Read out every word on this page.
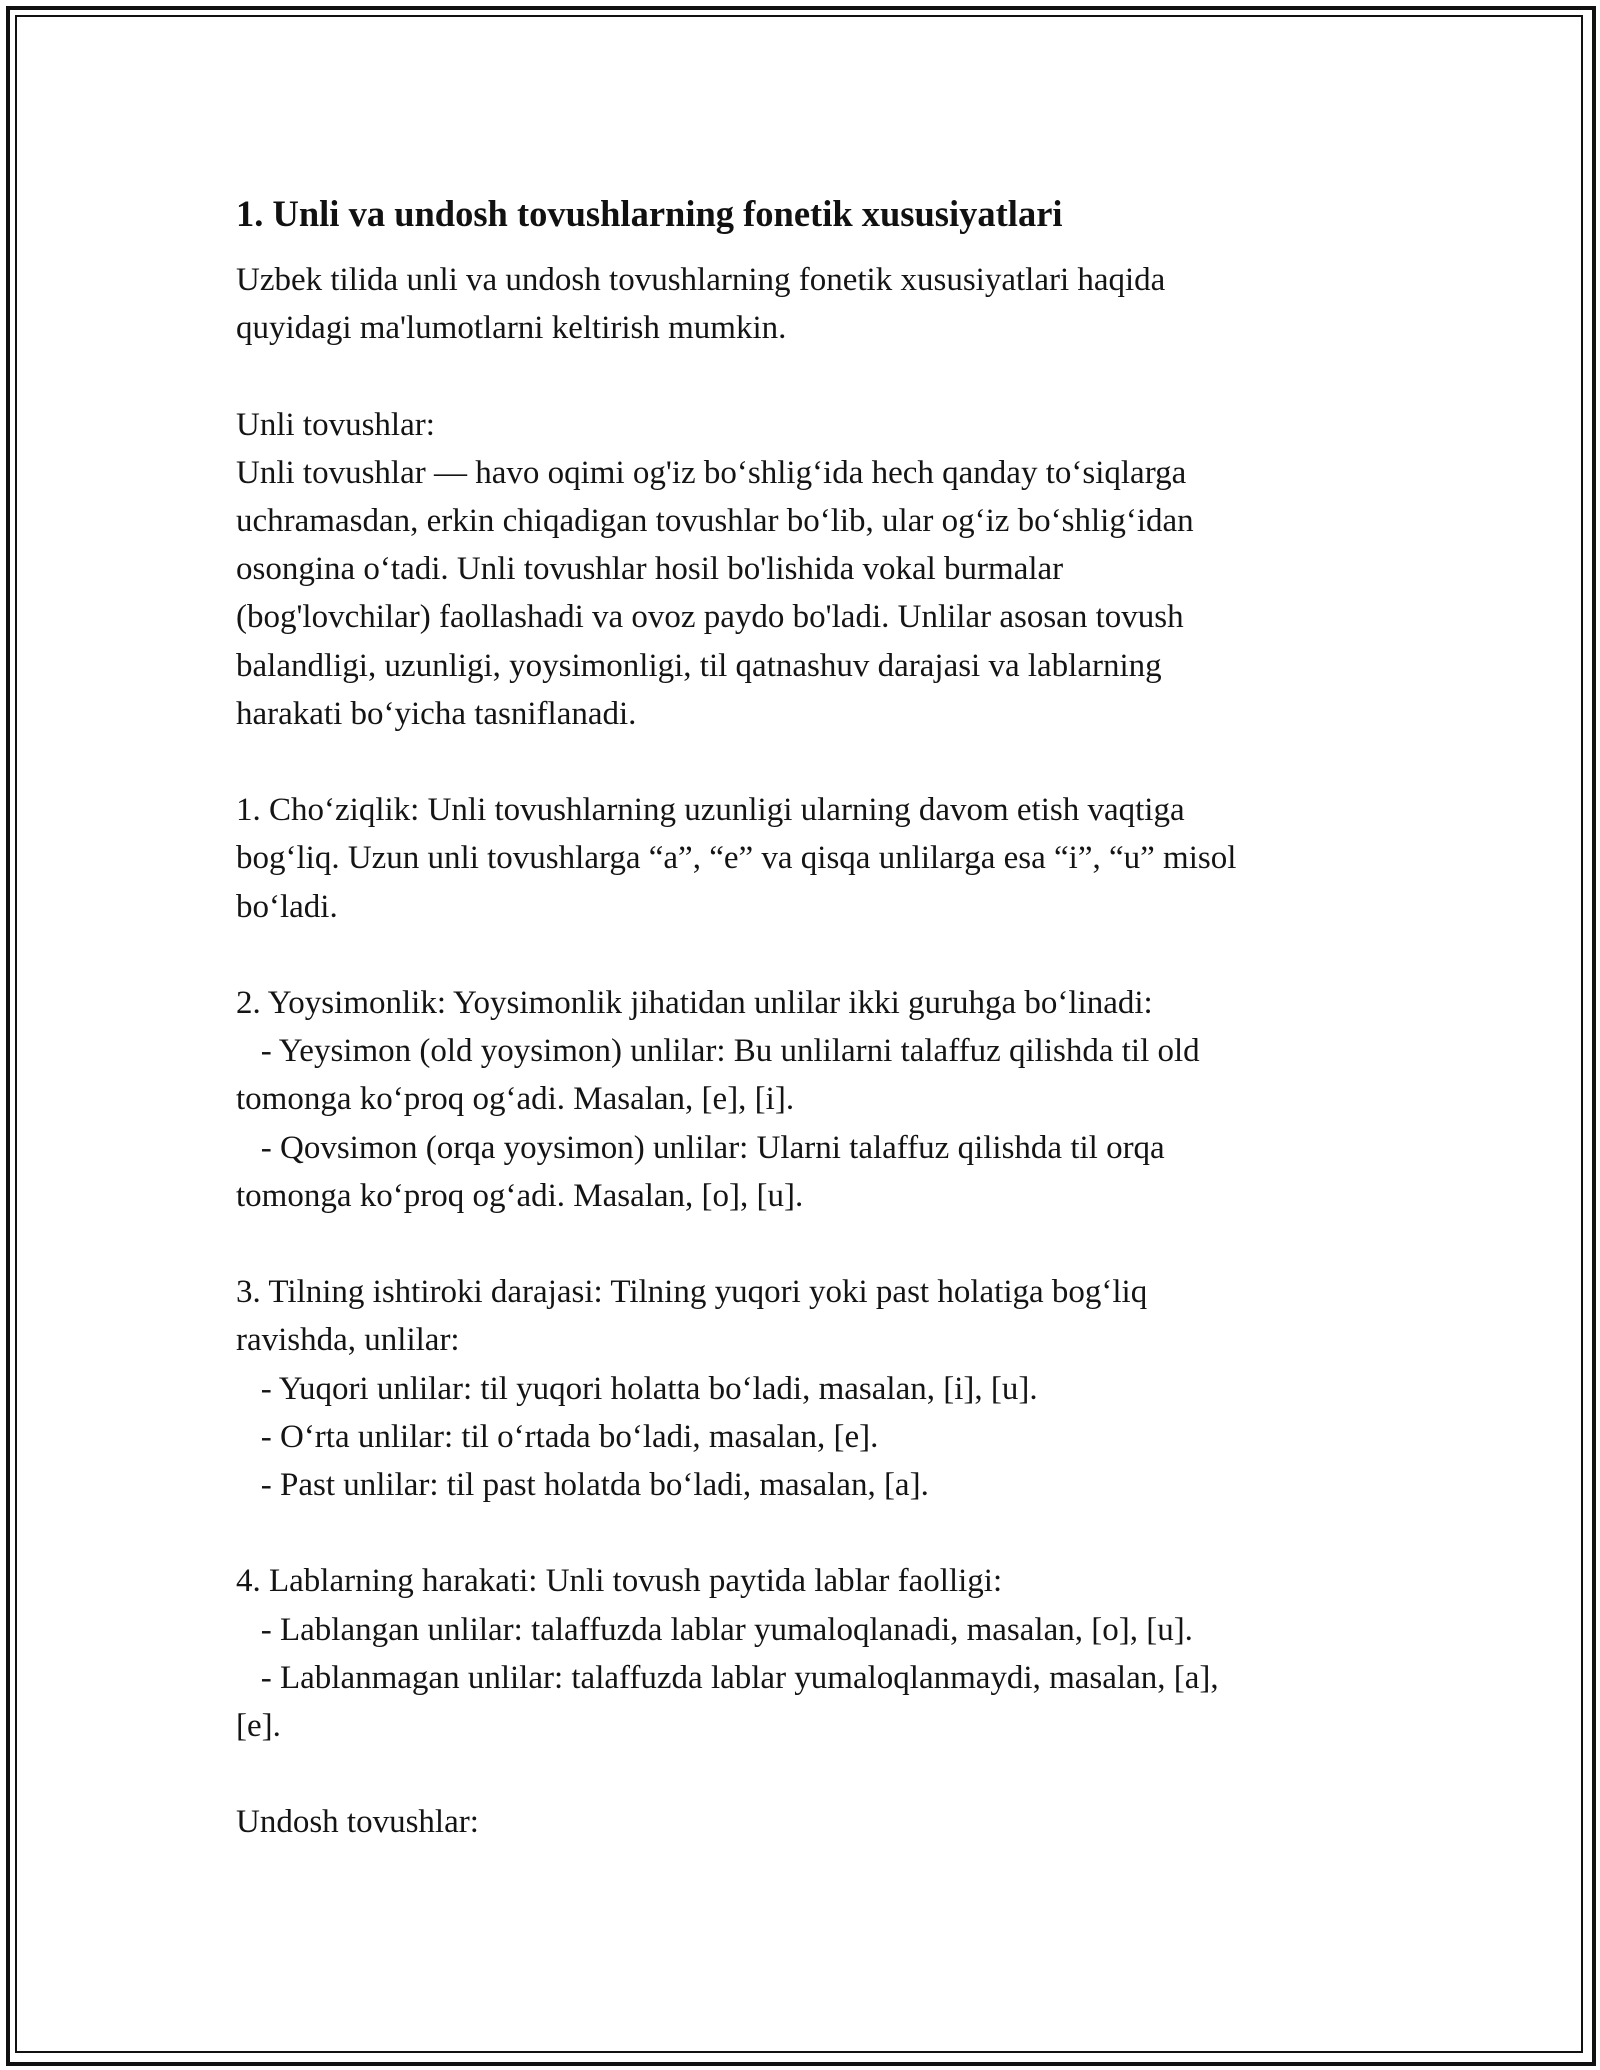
1. Unli va undosh tovushlarning fonetik xususiyatlari
Uzbek tilida unli va undosh tovushlarning fonetik xususiyatlari haqida
quyidagi ma'lumotlarni keltirish mumkin.
Unli tovushlar:
Unli tovushlar — havo oqimi og'iz bo‘shlig‘ida hech qanday to‘siqlarga
uchramasdan, erkin chiqadigan tovushlar bo‘lib, ular og‘iz bo‘shlig‘idan
osongina o‘tadi. Unli tovushlar hosil bo'lishida vokal burmalar
(bog'lovchilar) faollashadi va ovoz paydo bo'ladi. Unlilar asosan tovush
balandligi, uzunligi, yoysimonligi, til qatnashuv darajasi va lablarning
harakati bo‘yicha tasniflanadi.
1. Cho‘ziqlik: Unli tovushlarning uzunligi ularning davom etish vaqtiga
bog‘liq. Uzun unli tovushlarga “a”, “e” va qisqa unlilarga esa “i”, “u” misol
bo‘ladi.
2. Yoysimonlik: Yoysimonlik jihatidan unlilar ikki guruhga bo‘linadi:
- Yeysimon (old yoysimon) unlilar: Bu unlilarni talaffuz qilishda til old
tomonga ko‘proq og‘adi. Masalan, [e], [i].
- Qovsimon (orqa yoysimon) unlilar: Ularni talaffuz qilishda til orqa
tomonga ko‘proq og‘adi. Masalan, [o], [u].
3. Tilning ishtiroki darajasi: Tilning yuqori yoki past holatiga bog‘liq
ravishda, unlilar:
- Yuqori unlilar: til yuqori holatta bo‘ladi, masalan, [i], [u].
- O‘rta unlilar: til o‘rtada bo‘ladi, masalan, [e].
- Past unlilar: til past holatda bo‘ladi, masalan, [a].
4. Lablarning harakati: Unli tovush paytida lablar faolligi:
- Lablangan unlilar: talaffuzda lablar yumaloqlanadi, masalan, [o], [u].
- Lablanmagan unlilar: talaffuzda lablar yumaloqlanmaydi, masalan, [a],
[e].
Undosh tovushlar:
